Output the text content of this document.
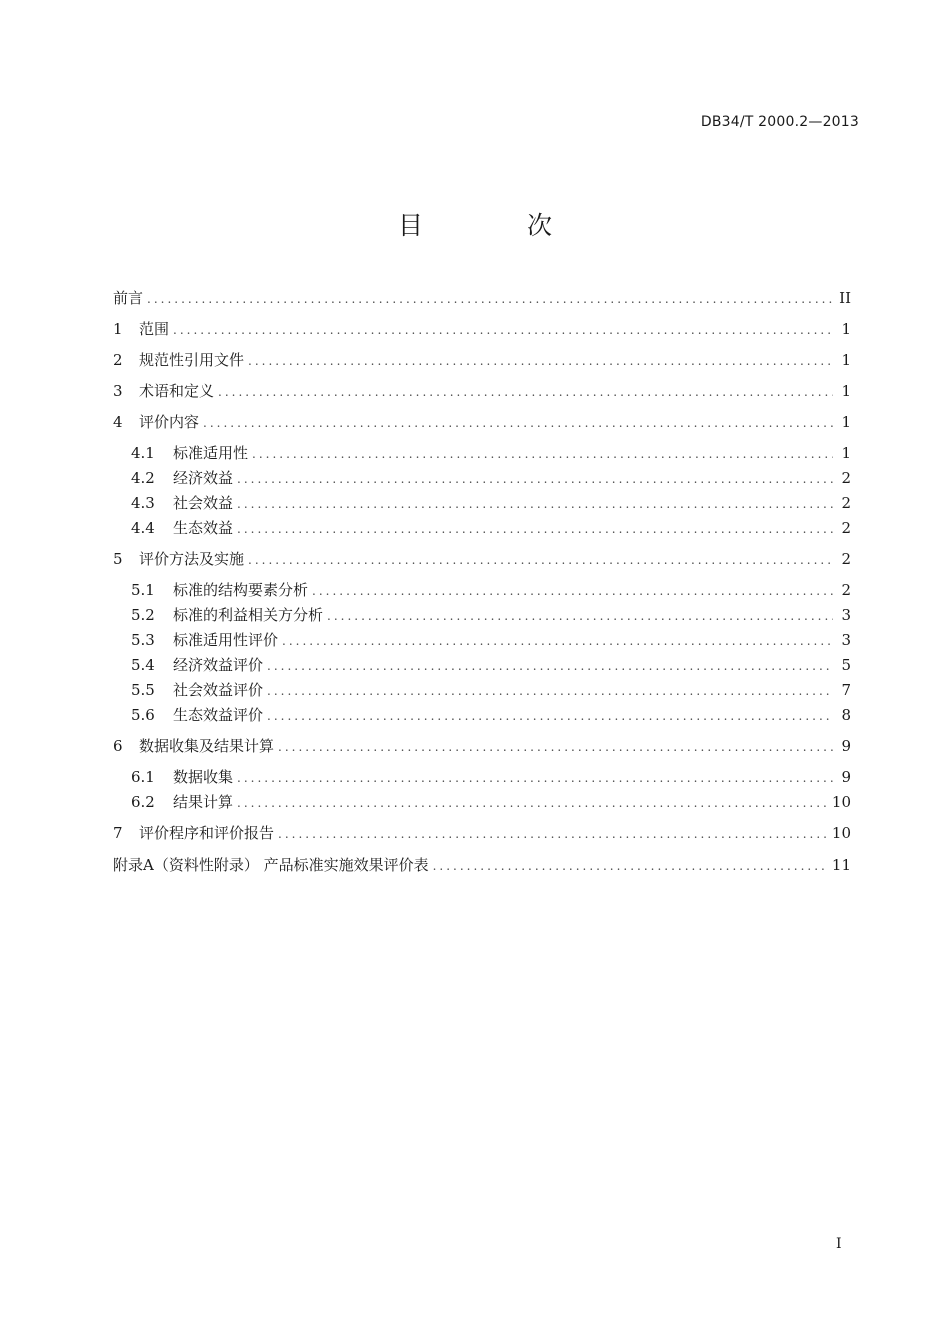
DB34/T 2000.2—2013
目 次
前言 .....	II
1	范围 .....	1
2	规范性引用文件 .....	1
3	术语和定义 .....	1
4	评价内容 .....	1
4.1	标准适用性 .....	1
4.2	经济效益 .....	2
4.3	社会效益 .....	2
4.4	生态效益 .....	2
5	评价方法及实施 .....	2
5.1	标准的结构要素分析 .....	2
5.2	标准的利益相关方分析 .....	3
5.3	标准适用性评价 .....	3
5.4	经济效益评价 .....	5
5.5	社会效益评价 .....	7
5.6	生态效益评价 .....	8
6	数据收集及结果计算 .....	9
6.1	数据收集 .....	9
6.2	结果计算 .....	10
7	评价程序和评价报告 .....	10
附录A（资料性附录） 产品标准实施效果评价表 .....	11
I
